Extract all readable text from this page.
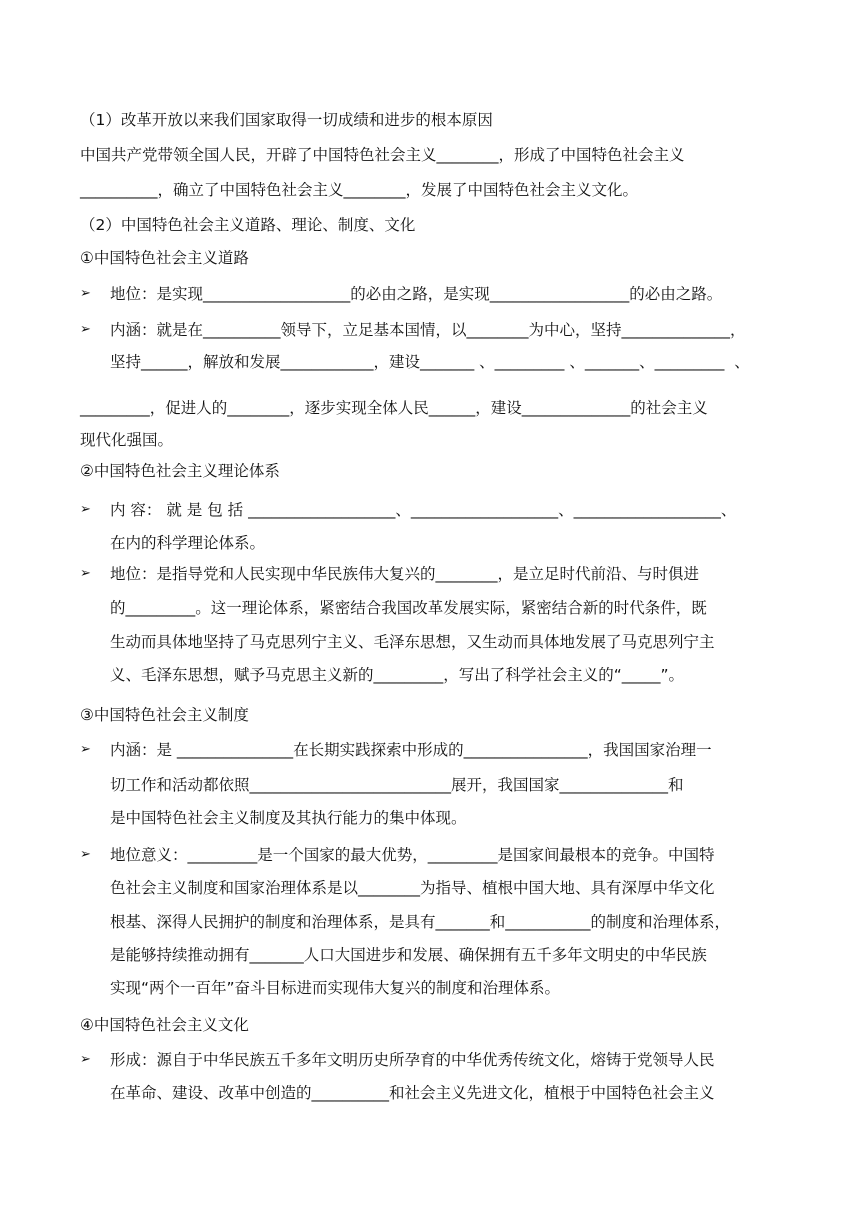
（1）改革开放以来我们国家取得一切成绩和进步的根本原因
中国共产党带领全国人民，开辟了中国特色社会主义________，形成了中国特色社会主义
__________，确立了中国特色社会主义________，发展了中国特色社会主义文化。
（2）中国特色社会主义道路、理论、制度、文化
①中国特色社会主义道路
➢ 地位：是实现___________________的必由之路，是实现__________________的必由之路。
➢ 内涵：就是在__________领导下，立足基本国情，以________为中心，坚持______________，
坚持______，解放和发展____________，建设_______ 、_________ 、_______、_________  、
_________，促进人的________，逐步实现全体人民______，建设______________的社会主义
现代化强国。
②中国特色社会主义理论体系
➢ 内 容： 就 是 包 括 ___________________、___________________、___________________、
在内的科学理论体系。
➢ 地位：是指导党和人民实现中华民族伟大复兴的________，是立足时代前沿、与时俱进
的_________。这一理论体系，紧密结合我国改革发展实际，紧密结合新的时代条件，既
生动而具体地坚持了马克思列宁主义、毛泽东思想，又生动而具体地发展了马克思列宁主
义、毛泽东思想，赋予马克思主义新的_________，写出了科学社会主义的“_____”。
③中国特色社会主义制度
➢ 内涵：是 _______________在长期实践探索中形成的________________，我国国家治理一
切工作和活动都依照__________________________展开，我国国家______________和
是中国特色社会主义制度及其执行能力的集中体现。
➢ 地位意义：_________是一个国家的最大优势，_________是国家间最根本的竞争。中国特
色社会主义制度和国家治理体系是以________为指导、植根中国大地、具有深厚中华文化
根基、深得人民拥护的制度和治理体系，是具有_______和___________的制度和治理体系，
是能够持续推动拥有_______人口大国进步和发展、确保拥有五千多年文明史的中华民族
实现“两个一百年”奋斗目标进而实现伟大复兴的制度和治理体系。
④中国特色社会主义文化
➢ 形成：源自于中华民族五千多年文明历史所孕育的中华优秀传统文化，熔铸于党领导人民
在革命、建设、改革中创造的__________和社会主义先进文化，植根于中国特色社会主义
